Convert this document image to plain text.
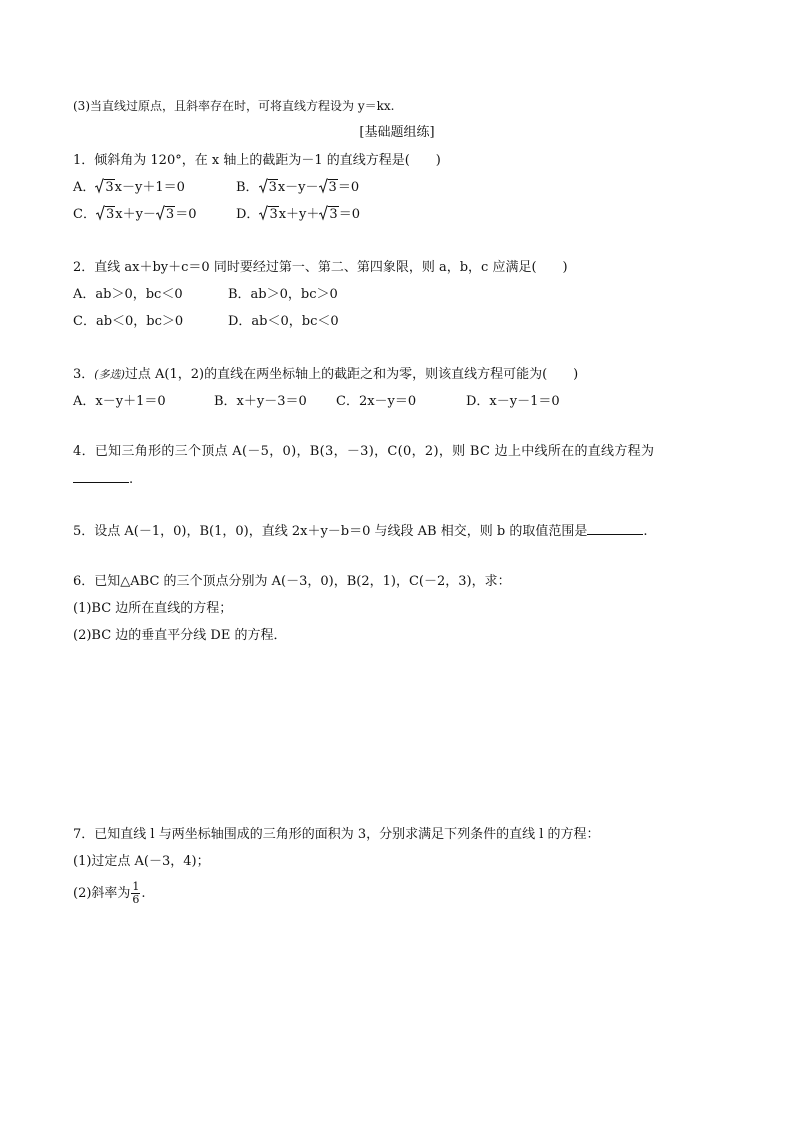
(3)当直线过原点，且斜率存在时，可将直线方程设为 y＝kx.
[基础题组练]
1．倾斜角为 120°，在 x 轴上的截距为－1 的直线方程是(　　)
A． 3x－y＋1＝0	B． 3x－y－ 3＝0
C． 3x＋y－ 3＝0	D． 3x＋y＋ 3＝0
2．直线 ax＋by＋c＝0 同时要经过第一、第二、第四象限，则 a，b，c 应满足(　　)
A．ab＞0，bc＜0	B．ab＞0，bc＞0
C．ab＜0，bc＞0	D．ab＜0，bc＜0
3．(多选)过点 A(1，2)的直线在两坐标轴上的截距之和为零，则该直线方程可能为(　　)
A．x－y＋1＝0	B．x＋y－3＝0 C．2x－y＝0	D．x－y－1＝0
4．已知三角形的三个顶点 A(－5，0)，B(3，－3)，C(0，2)，则 BC 边上中线所在的直线方程为
.
5．设点 A(－1，0)，B(1，0)，直线 2x＋y－b＝0 与线段 AB 相交，则 b 的取值范围是	.
6．已知△ABC 的三个顶点分别为 A(－3，0)，B(2，1)，C(－2，3)，求：
(1)BC 边所在直线的方程；
(2)BC 边的垂直平分线 DE 的方程．
7．已知直线 l 与两坐标轴围成的三角形的面积为 3，分别求满足下列条件的直线 l 的方程：
(1)过定点 A(－3，4)；
(2)斜率为 $\frac{1}{6}$ .
